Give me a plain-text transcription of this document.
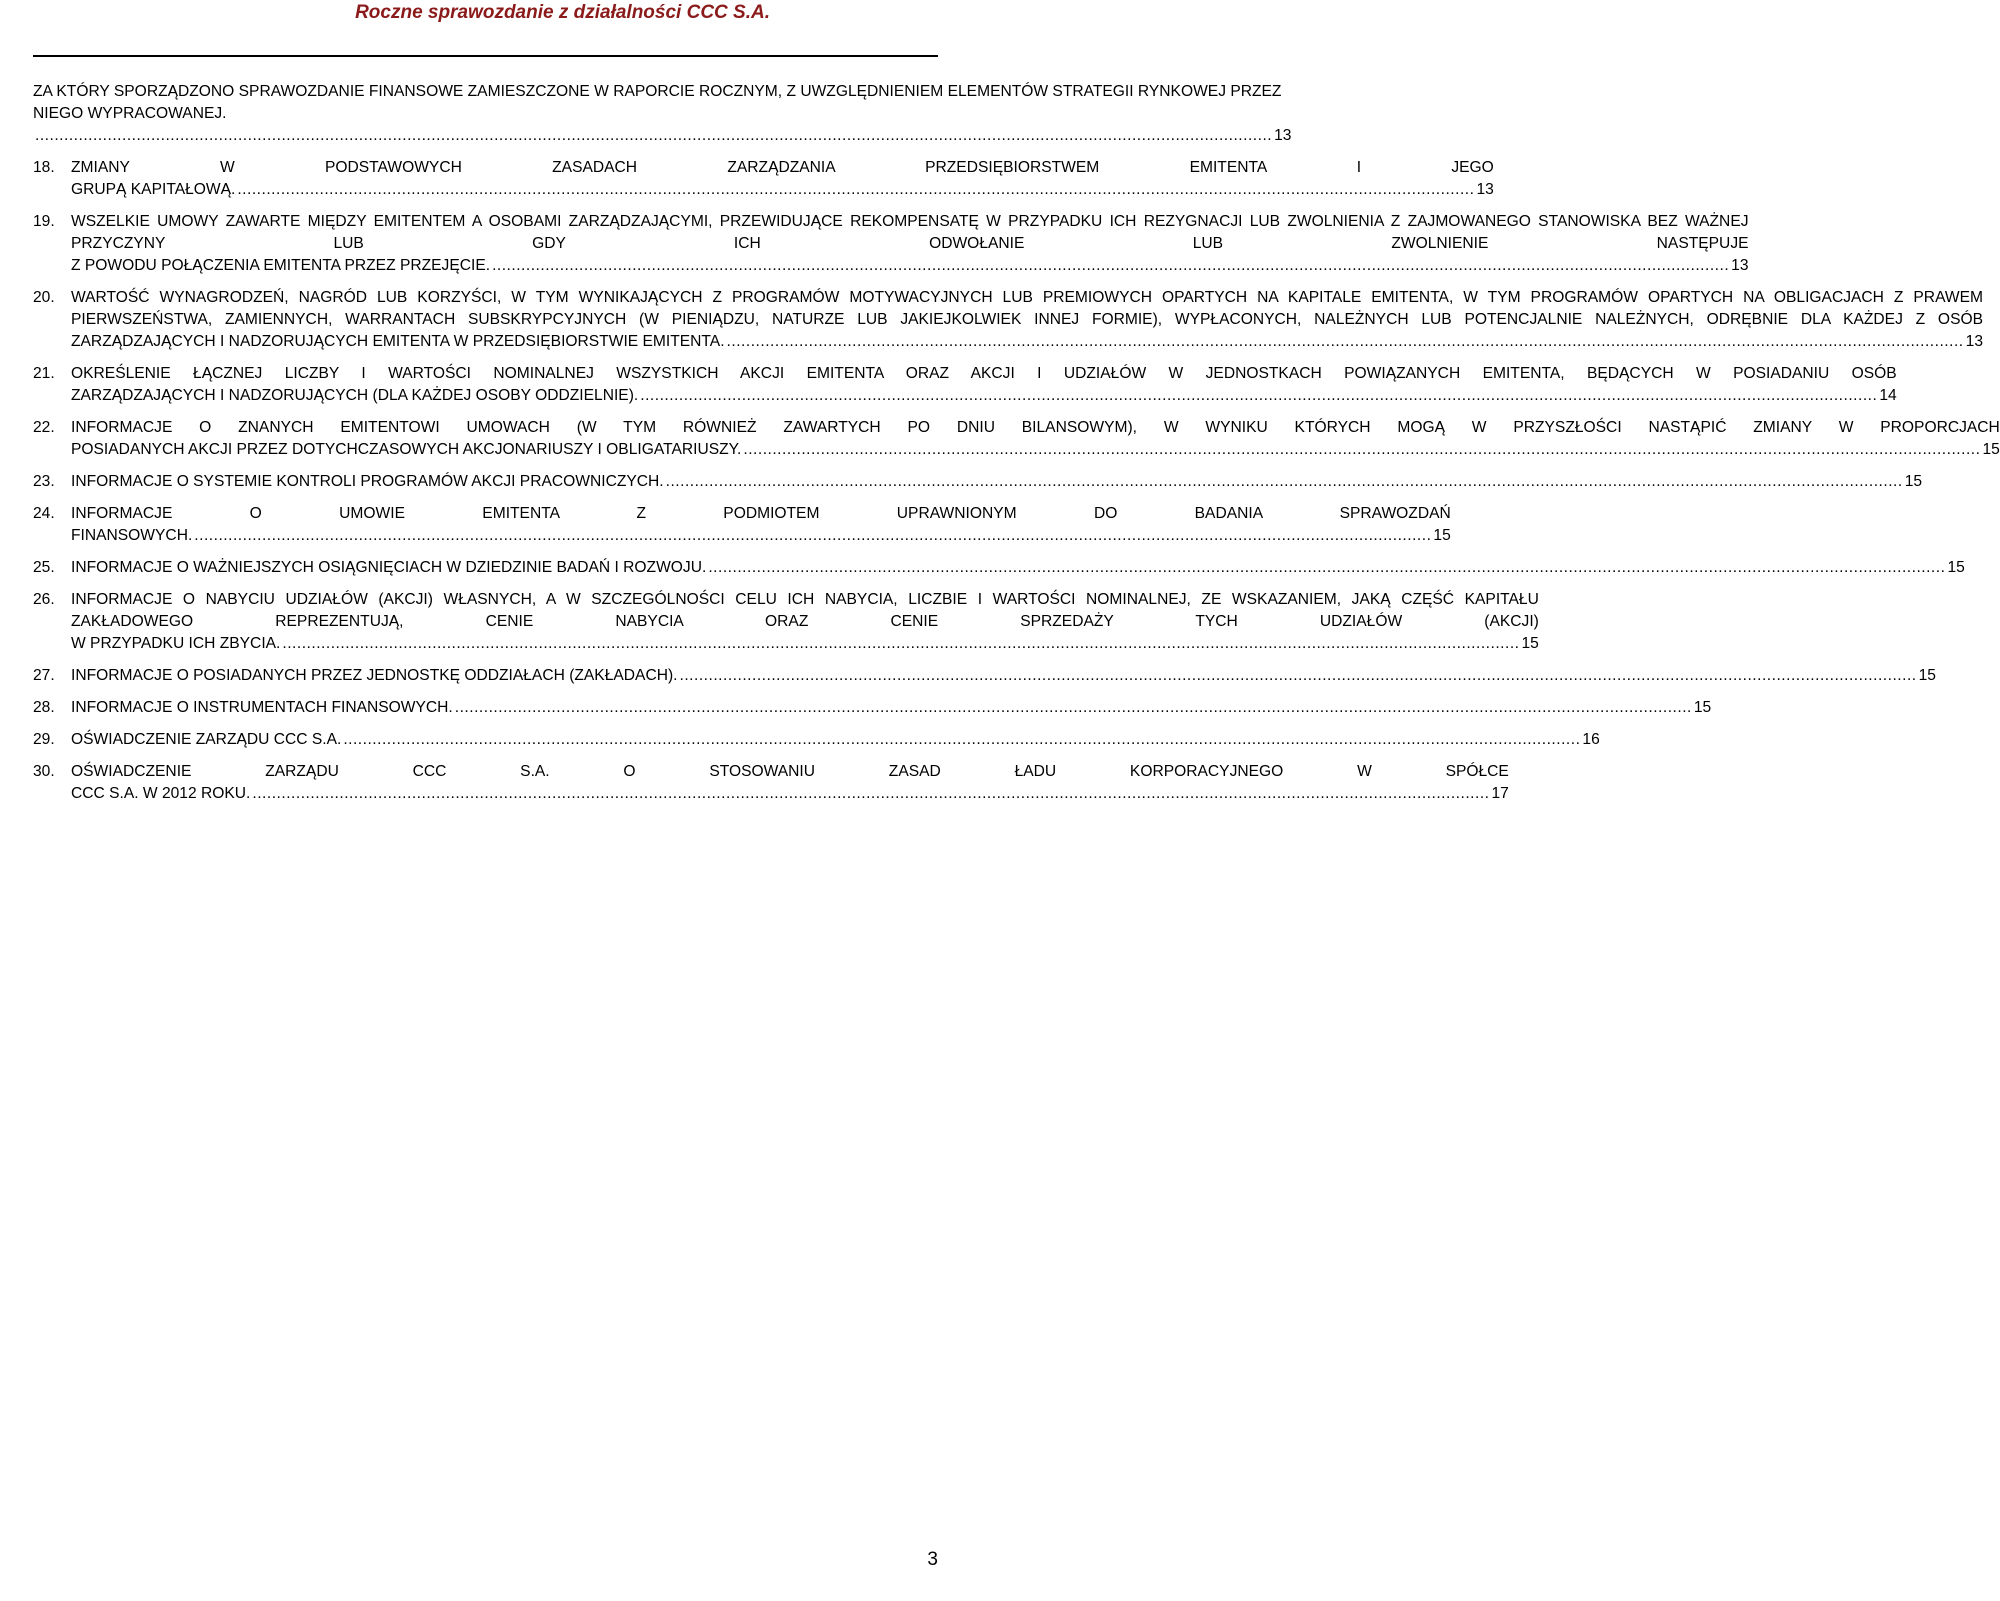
Roczne sprawozdanie z działalności CCC S.A.
ZA KTÓRY SPORZĄDZONO SPRAWOZDANIE FINANSOWE ZAMIESZCZONE W RAPORCIE ROCZNYM, Z UWZGLĘDNIENIEM ELEMENTÓW STRATEGII RYNKOWEJ PRZEZ NIEGO WYPRACOWANEJ.
.....
13
18.	ZMIANY W PODSTAWOWYCH ZASADACH ZARZĄDZANIA PRZEDSIĘBIORSTWEM EMITENTA I JEGO
GRUPĄ KAPITAŁOWĄ. .....	13
19.	WSZELKIE UMOWY ZAWARTE MIĘDZY EMITENTEM A OSOBAMI ZARZĄDZAJĄCYMI, PRZEWIDUJĄCE REKOMPENSATĘ W PRZYPADKU ICH REZYGNACJI LUB ZWOLNIENIA Z ZAJMOWANEGO STANOWISKA BEZ WAŻNEJ PRZYCZYNY LUB GDY ICH ODWOŁANIE LUB ZWOLNIENIE NASTĘPUJE
Z POWODU POŁĄCZENIA EMITENTA PRZEZ PRZEJĘCIE. .....	13
20.	WARTOŚĆ WYNAGRODZEŃ, NAGRÓD LUB KORZYŚCI, W TYM WYNIKAJĄCYCH Z PROGRAMÓW MOTYWACYJNYCH LUB PREMIOWYCH OPARTYCH NA KAPITALE EMITENTA, W TYM PROGRAMÓW OPARTYCH NA OBLIGACJACH Z PRAWEM PIERWSZEŃSTWA, ZAMIENNYCH, WARRANTACH SUBSKRYPCYJNYCH (W PIENIĄDZU, NATURZE LUB JAKIEJKOLWIEK INNEJ FORMIE), WYPŁACONYCH, NALEŻNYCH LUB POTENCJALNIE NALEŻNYCH, ODRĘBNIE DLA KAŻDEJ Z OSÓB
ZARZĄDZAJĄCYCH I NADZORUJĄCYCH EMITENTA W PRZEDSIĘBIORSTWIE EMITENTA. .....	13
21.	OKREŚLENIE ŁĄCZNEJ LICZBY I WARTOŚCI NOMINALNEJ WSZYSTKICH AKCJI EMITENTA ORAZ AKCJI I UDZIAŁÓW W JEDNOSTKACH POWIĄZANYCH EMITENTA, BĘDĄCYCH W POSIADANIU OSÓB
ZARZĄDZAJĄCYCH I NADZORUJĄCYCH (DLA KAŻDEJ OSOBY ODDZIELNIE). .....	14
22.	INFORMACJE O ZNANYCH EMITENTOWI UMOWACH (W TYM RÓWNIEŻ ZAWARTYCH PO DNIU BILANSOWYM), W WYNIKU KTÓRYCH MOGĄ W PRZYSZŁOŚCI NASTĄPIĆ ZMIANY W PROPORCJACH
POSIADANYCH AKCJI PRZEZ DOTYCHCZASOWYCH AKCJONARIUSZY I OBLIGATARIUSZY. .....	15
23.	INFORMACJE O SYSTEMIE KONTROLI PROGRAMÓW AKCJI PRACOWNICZYCH. .....	15
24.	INFORMACJE O UMOWIE EMITENTA Z PODMIOTEM UPRAWNIONYM DO BADANIA SPRAWOZDAŃ
FINANSOWYCH. .....	15
25.	INFORMACJE O WAŻNIEJSZYCH OSIĄGNIĘCIACH W DZIEDZINIE BADAŃ I ROZWOJU. .....	15
26.	INFORMACJE O NABYCIU UDZIAŁÓW (AKCJI) WŁASNYCH, A W SZCZEGÓLNOŚCI CELU ICH NABYCIA, LICZBIE I WARTOŚCI NOMINALNEJ, ZE WSKAZANIEM, JAKĄ CZĘŚĆ KAPITAŁU ZAKŁADOWEGO REPREZENTUJĄ, CENIE NABYCIA ORAZ CENIE SPRZEDAŻY TYCH UDZIAŁÓW (AKCJI)
W PRZYPADKU ICH ZBYCIA. .....	15
27.	INFORMACJE O POSIADANYCH PRZEZ JEDNOSTKĘ ODDZIAŁACH (ZAKŁADACH). .....	15
28.	INFORMACJE O INSTRUMENTACH FINANSOWYCH. .....	15
29.	OŚWIADCZENIE ZARZĄDU CCC S.A. .....	16
30.	OŚWIADCZENIE ZARZĄDU CCC S.A. O STOSOWANIU ZASAD ŁADU KORPORACYJNEGO W SPÓŁCE
CCC S.A. W 2012 ROKU. .....	17
3
